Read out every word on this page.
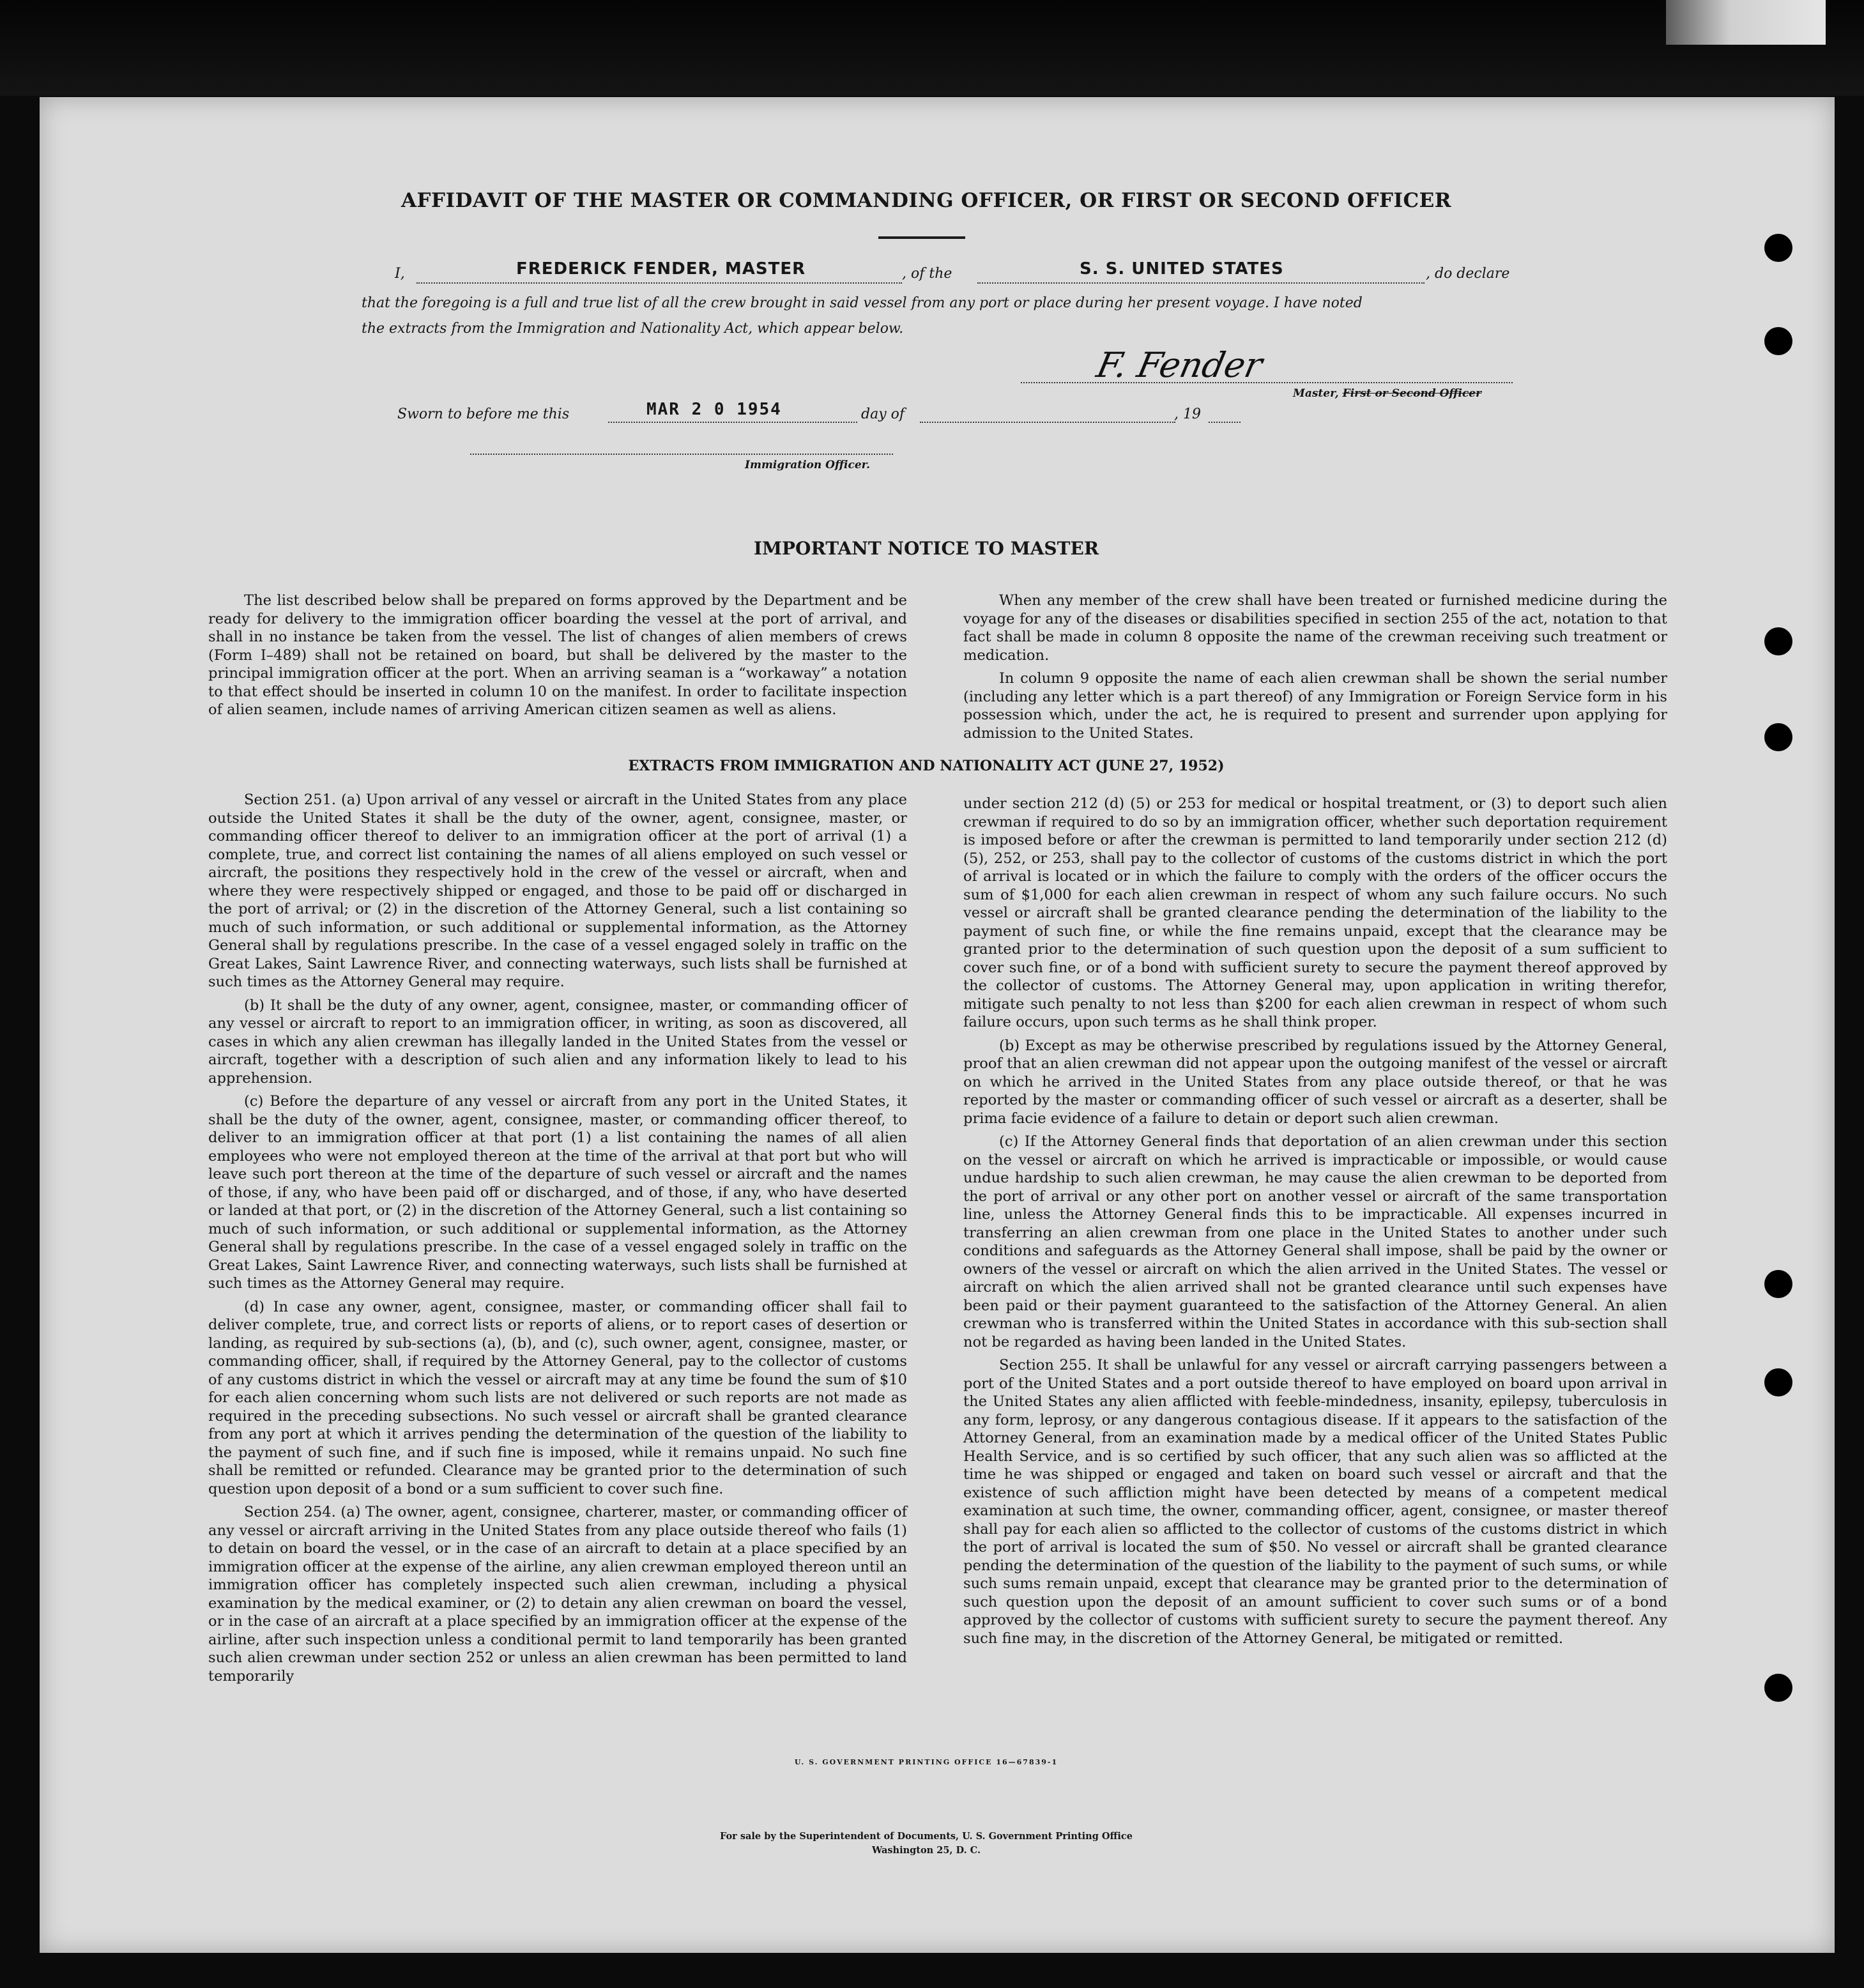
AFFIDAVIT OF THE MASTER OR COMMANDING OFFICER, OR FIRST OR SECOND OFFICER
I,	FREDERICK FENDER, MASTER	, of the	S. S. UNITED STATES	, do declare
that the foregoing is a full and true list of all the crew brought in said vessel from any port or place during her present voyage. I have noted
the extracts from the Immigration and Nationality Act, which appear below.
F. Fender
Master, First or Second Officer
Sworn to before me this	MAR 2 0 1954	day of	, 19
Immigration Officer.
IMPORTANT NOTICE TO MASTER

The list described below shall be prepared on forms approved by the Department and be ready for delivery to the immigration officer boarding the vessel at the port of arrival, and shall in no instance be taken from the vessel. The list of changes of alien members of crews (Form I–489) shall not be retained on board, but shall be delivered by the master to the principal immigration officer at the port. When an arriving seaman is a “workaway” a notation to that effect should be inserted in column 10 on the manifest. In order to facilitate inspection of alien seamen, include names of arriving American citizen seamen as well as aliens.

When any member of the crew shall have been treated or furnished medicine during the voyage for any of the diseases or disabilities specified in section 255 of the act, notation to that fact shall be made in column 8 opposite the name of the crewman receiving such treatment or medication.

In column 9 opposite the name of each alien crewman shall be shown the serial number (including any letter which is a part thereof) of any Immigration or Foreign Service form in his possession which, under the act, he is required to present and surrender upon applying for admission to the United States.

EXTRACTS FROM IMMIGRATION AND NATIONALITY ACT (JUNE 27, 1952)

Section 251. (a) Upon arrival of any vessel or aircraft in the United States from any place outside the United States it shall be the duty of the owner, agent, consignee, master, or commanding officer thereof to deliver to an immigration officer at the port of arrival (1) a complete, true, and correct list containing the names of all aliens employed on such vessel or aircraft, the positions they respectively hold in the crew of the vessel or aircraft, when and where they were respectively shipped or engaged, and those to be paid off or discharged in the port of arrival; or (2) in the discretion of the Attorney General, such a list containing so much of such information, or such additional or supplemental information, as the Attorney General shall by regulations prescribe. In the case of a vessel engaged solely in traffic on the Great Lakes, Saint Lawrence River, and connecting waterways, such lists shall be furnished at such times as the Attorney General may require.

(b) It shall be the duty of any owner, agent, consignee, master, or commanding officer of any vessel or aircraft to report to an immigration officer, in writing, as soon as discovered, all cases in which any alien crewman has illegally landed in the United States from the vessel or aircraft, together with a description of such alien and any information likely to lead to his apprehension.

(c) Before the departure of any vessel or aircraft from any port in the United States, it shall be the duty of the owner, agent, consignee, master, or commanding officer thereof, to deliver to an immigration officer at that port (1) a list containing the names of all alien employees who were not employed thereon at the time of the arrival at that port but who will leave such port thereon at the time of the departure of such vessel or aircraft and the names of those, if any, who have been paid off or discharged, and of those, if any, who have deserted or landed at that port, or (2) in the discretion of the Attorney General, such a list containing so much of such information, or such additional or supplemental information, as the Attorney General shall by regulations prescribe. In the case of a vessel engaged solely in traffic on the Great Lakes, Saint Lawrence River, and connecting waterways, such lists shall be furnished at such times as the Attorney General may require.

(d) In case any owner, agent, consignee, master, or commanding officer shall fail to deliver complete, true, and correct lists or reports of aliens, or to report cases of desertion or landing, as required by sub-sections (a), (b), and (c), such owner, agent, consignee, master, or commanding officer, shall, if required by the Attorney General, pay to the collector of customs of any customs district in which the vessel or aircraft may at any time be found the sum of $10 for each alien concerning whom such lists are not delivered or such reports are not made as required in the preceding subsections. No such vessel or aircraft shall be granted clearance from any port at which it arrives pending the determination of the question of the liability to the payment of such fine, and if such fine is imposed, while it remains unpaid. No such fine shall be remitted or refunded. Clearance may be granted prior to the determination of such question upon deposit of a bond or a sum sufficient to cover such fine.

Section 254. (a) The owner, agent, consignee, charterer, master, or commanding officer of any vessel or aircraft arriving in the United States from any place outside thereof who fails (1) to detain on board the vessel, or in the case of an aircraft to detain at a place specified by an immigration officer at the expense of the airline, any alien crewman employed thereon until an immigration officer has completely inspected such alien crewman, including a physical examination by the medical examiner, or (2) to detain any alien crewman on board the vessel, or in the case of an aircraft at a place specified by an immigration officer at the expense of the airline, after such inspection unless a conditional permit to land temporarily has been granted such alien crewman under section 252 or unless an alien crewman has been permitted to land temporarily

under section 212 (d) (5) or 253 for medical or hospital treatment, or (3) to deport such alien crewman if required to do so by an immigration officer, whether such deportation requirement is imposed before or after the crewman is permitted to land temporarily under section 212 (d) (5), 252, or 253, shall pay to the collector of customs of the customs district in which the port of arrival is located or in which the failure to comply with the orders of the officer occurs the sum of $1,000 for each alien crewman in respect of whom any such failure occurs. No such vessel or aircraft shall be granted clearance pending the determination of the liability to the payment of such fine, or while the fine remains unpaid, except that the clearance may be granted prior to the determination of such question upon the deposit of a sum sufficient to cover such fine, or of a bond with sufficient surety to secure the payment thereof approved by the collector of customs. The Attorney General may, upon application in writing therefor, mitigate such penalty to not less than $200 for each alien crewman in respect of whom such failure occurs, upon such terms as he shall think proper.

(b) Except as may be otherwise prescribed by regulations issued by the Attorney General, proof that an alien crewman did not appear upon the outgoing manifest of the vessel or aircraft on which he arrived in the United States from any place outside thereof, or that he was reported by the master or commanding officer of such vessel or aircraft as a deserter, shall be prima facie evidence of a failure to detain or deport such alien crewman.

(c) If the Attorney General finds that deportation of an alien crewman under this section on the vessel or aircraft on which he arrived is impracticable or impossible, or would cause undue hardship to such alien crewman, he may cause the alien crewman to be deported from the port of arrival or any other port on another vessel or aircraft of the same transportation line, unless the Attorney General finds this to be impracticable. All expenses incurred in transferring an alien crewman from one place in the United States to another under such conditions and safeguards as the Attorney General shall impose, shall be paid by the owner or owners of the vessel or aircraft on which the alien arrived in the United States. The vessel or aircraft on which the alien arrived shall not be granted clearance until such expenses have been paid or their payment guaranteed to the satisfaction of the Attorney General. An alien crewman who is transferred within the United States in accordance with this sub-section shall not be regarded as having been landed in the United States.

Section 255. It shall be unlawful for any vessel or aircraft carrying passengers between a port of the United States and a port outside thereof to have employed on board upon arrival in the United States any alien afflicted with feeble-mindedness, insanity, epilepsy, tuberculosis in any form, leprosy, or any dangerous contagious disease. If it appears to the satisfaction of the Attorney General, from an examination made by a medical officer of the United States Public Health Service, and is so certified by such officer, that any such alien was so afflicted at the time he was shipped or engaged and taken on board such vessel or aircraft and that the existence of such affliction might have been detected by means of a competent medical examination at such time, the owner, commanding officer, agent, consignee, or master thereof shall pay for each alien so afflicted to the collector of customs of the customs district in which the port of arrival is located the sum of $50. No vessel or aircraft shall be granted clearance pending the determination of the question of the liability to the payment of such sums, or while such sums remain unpaid, except that clearance may be granted prior to the determination of such question upon the deposit of an amount sufficient to cover such sums or of a bond approved by the collector of customs with sufficient surety to secure the payment thereof. Any such fine may, in the discretion of the Attorney General, be mitigated or remitted.

U. S. GOVERNMENT PRINTING OFFICE 16—67839-1
For sale by the Superintendent of Documents, U. S. Government Printing Office
Washington 25, D. C.
